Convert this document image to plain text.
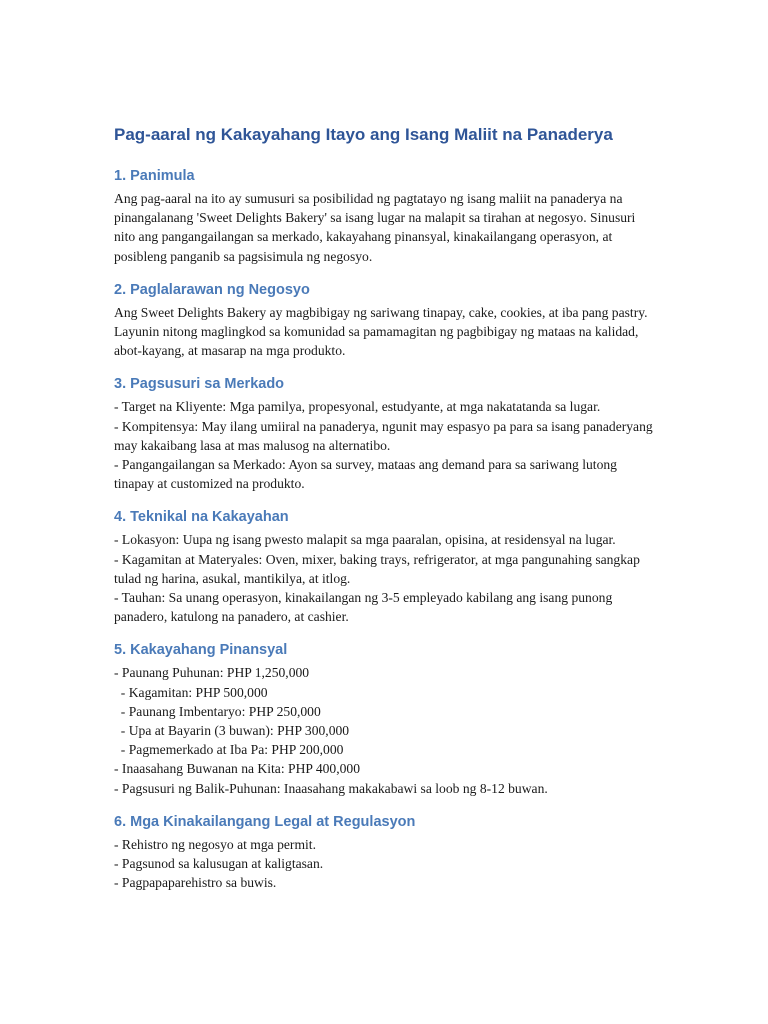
Pag-aaral ng Kakayahang Itayo ang Isang Maliit na Panaderya
1. Panimula

Ang pag-aaral na ito ay sumusuri sa posibilidad ng pagtatayo ng isang maliit na panaderya na pinangalanang 'Sweet Delights Bakery' sa isang lugar na malapit sa tirahan at negosyo. Sinusuri nito ang pangangailangan sa merkado, kakayahang pinansyal, kinakailangang operasyon, at posibleng panganib sa pagsisimula ng negosyo.

2. Paglalarawan ng Negosyo

Ang Sweet Delights Bakery ay magbibigay ng sariwang tinapay, cake, cookies, at iba pang pastry. Layunin nitong maglingkod sa komunidad sa pamamagitan ng pagbibigay ng mataas na kalidad, abot-kayang, at masarap na mga produkto.

3. Pagsusuri sa Merkado
- Target na Kliyente: Mga pamilya, propesyonal, estudyante, at mga nakatatanda sa lugar.
- Kompitensya: May ilang umiiral na panaderya, ngunit may espasyo pa para sa isang panaderyang may kakaibang lasa at mas malusog na alternatibo.
- Pangangailangan sa Merkado: Ayon sa survey, mataas ang demand para sa sariwang lutong tinapay at customized na produkto.
4. Teknikal na Kakayahan
- Lokasyon: Uupa ng isang pwesto malapit sa mga paaralan, opisina, at residensyal na lugar.
- Kagamitan at Materyales: Oven, mixer, baking trays, refrigerator, at mga pangunahing sangkap tulad ng harina, asukal, mantikilya, at itlog.
- Tauhan: Sa unang operasyon, kinakailangan ng 3-5 empleyado kabilang ang isang punong panadero, katulong na panadero, at cashier.
5. Kakayahang Pinansyal
- Paunang Puhunan: PHP 1,250,000
- Kagamitan: PHP 500,000
- Paunang Imbentaryo: PHP 250,000
- Upa at Bayarin (3 buwan): PHP 300,000
- Pagmemerkado at Iba Pa: PHP 200,000
- Inaasahang Buwanan na Kita: PHP 400,000
- Pagsusuri ng Balik-Puhunan: Inaasahang makakabawi sa loob ng 8-12 buwan.
6. Mga Kinakailangang Legal at Regulasyon
- Rehistro ng negosyo at mga permit.
- Pagsunod sa kalusugan at kaligtasan.
- Pagpapaparehistro sa buwis.
